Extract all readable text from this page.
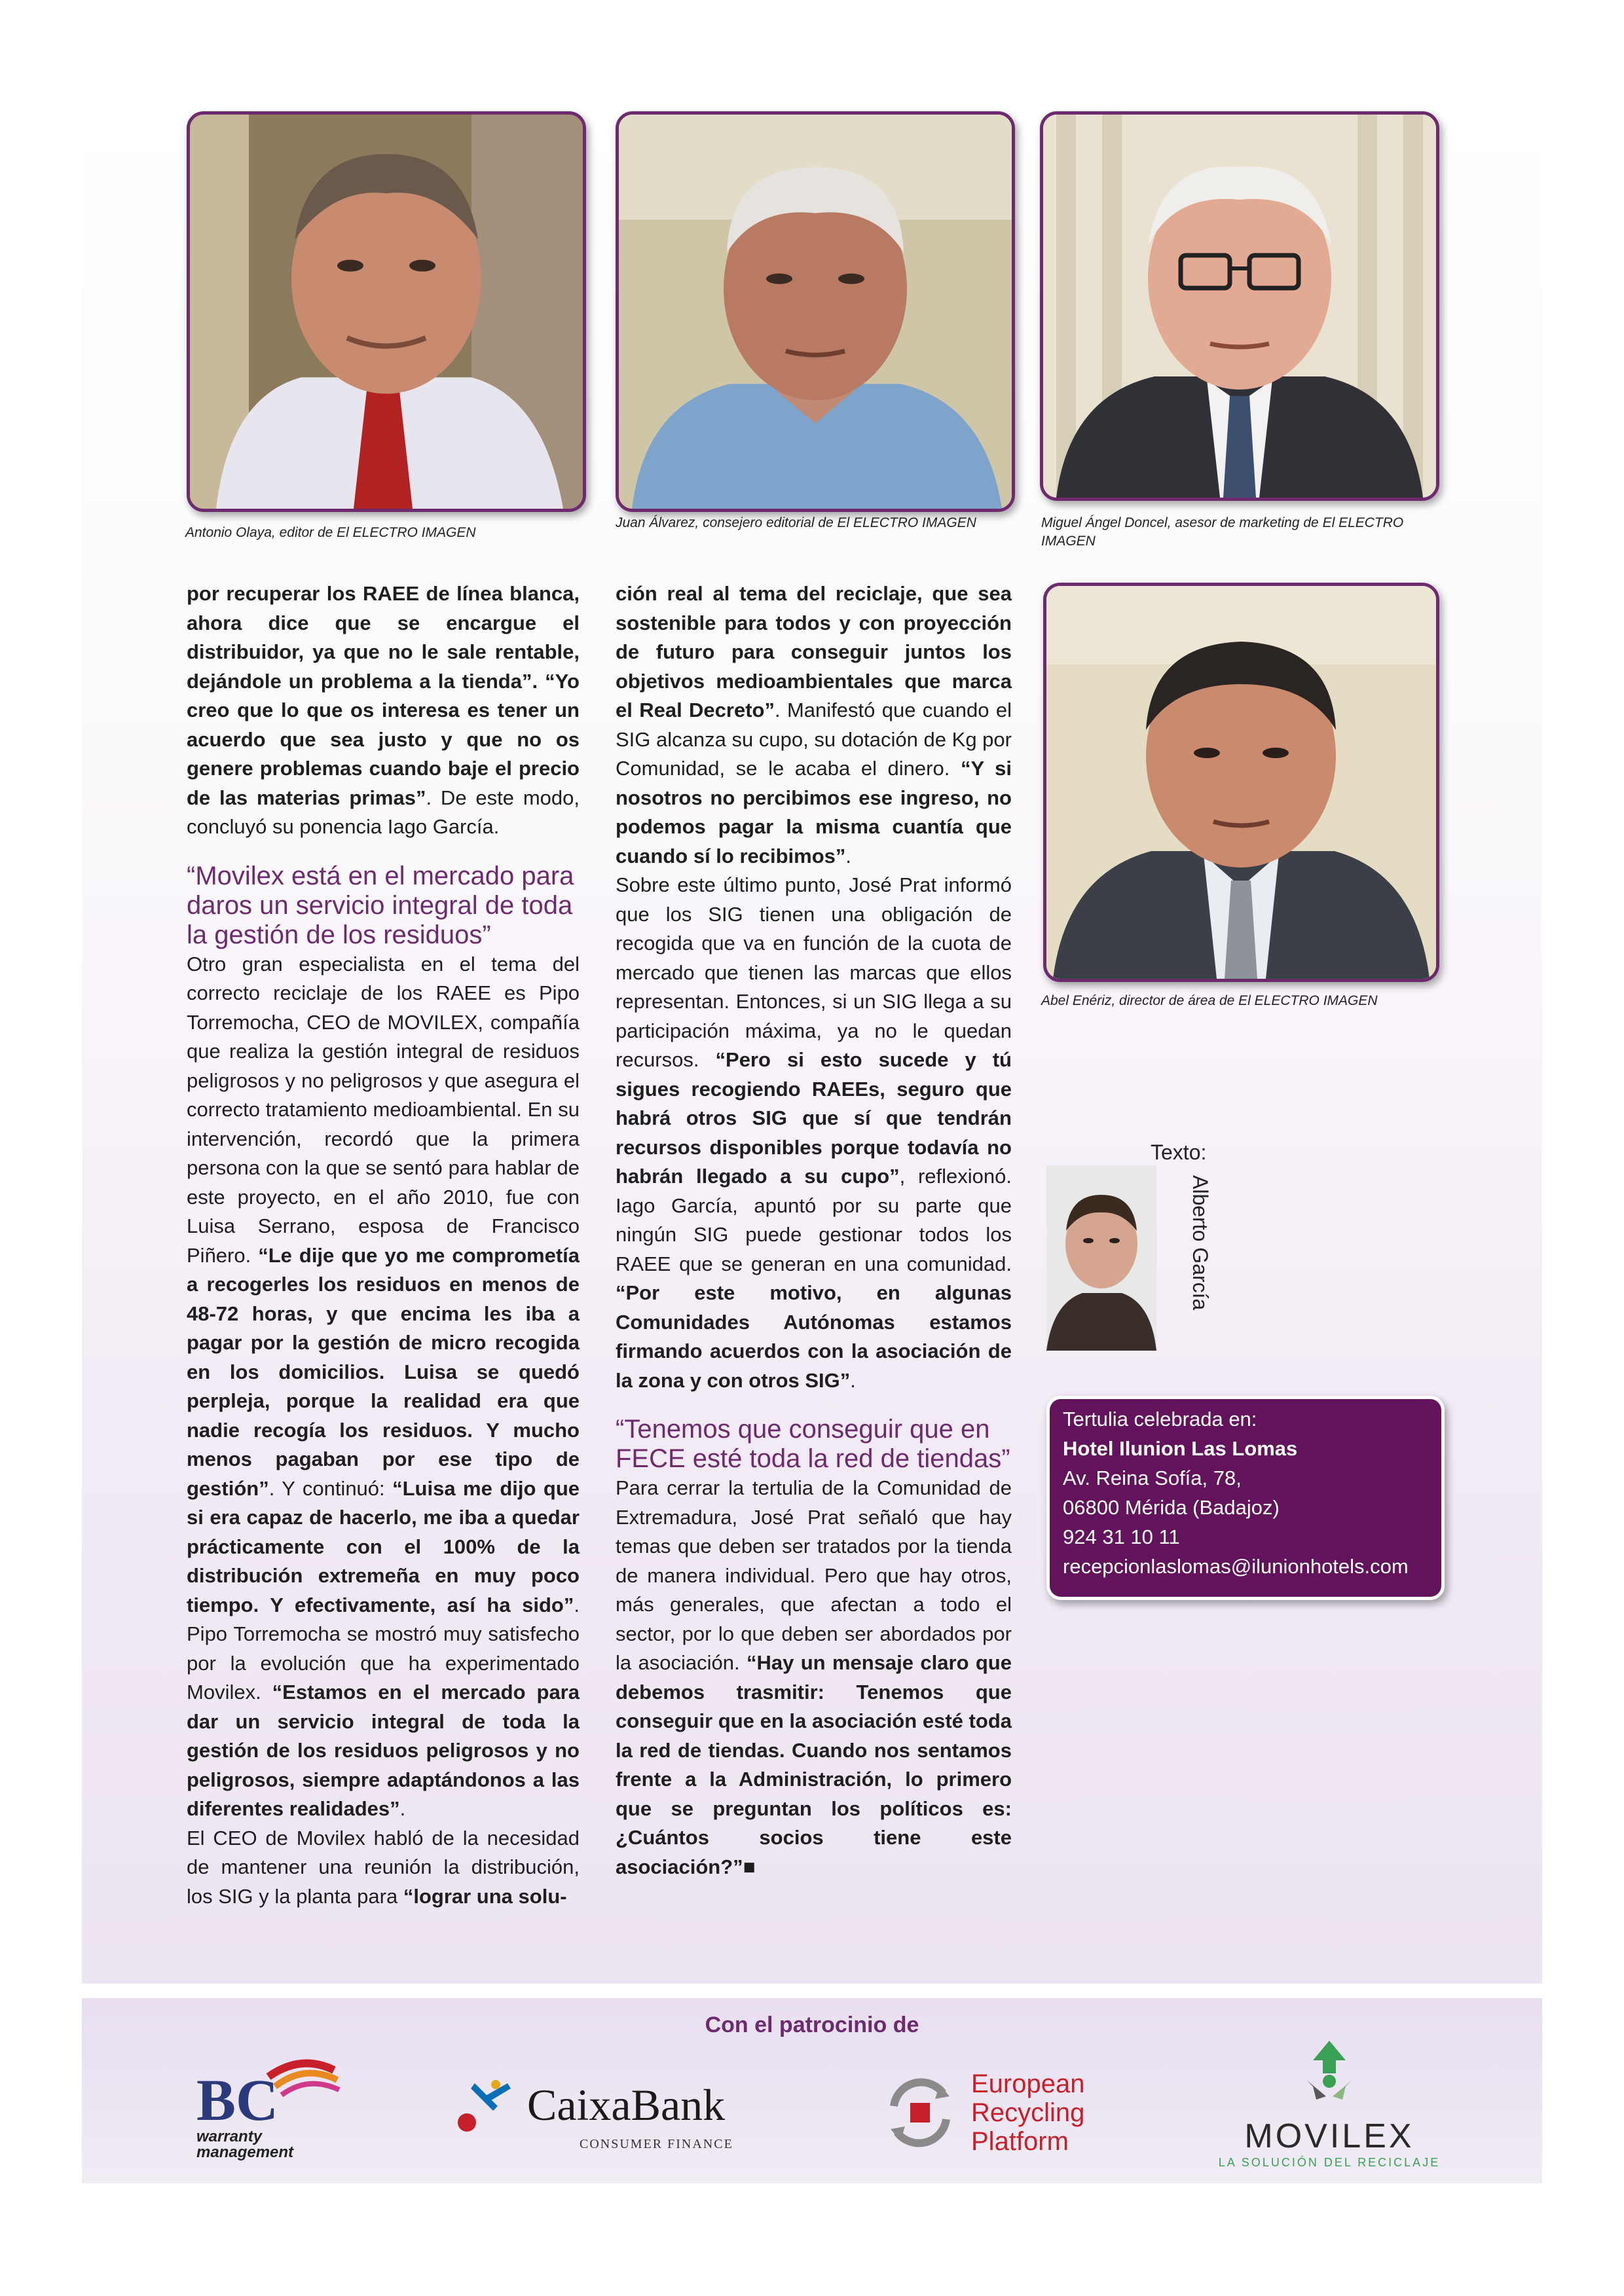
Antonio Olaya, editor de El ELECTRO IMAGEN
Juan Álvarez, consejero editorial de El ELECTRO IMAGEN	Miguel Ángel Doncel, asesor de marketing de El ELECTRO IMAGEN
Abel Enériz, director de área de El ELECTRO IMAGEN

por recuperar los RAEE de línea blanca, ahora dice que se encargue el distribuidor, ya que no le sale rentable, dejándole un problema a la tienda”. “Yo creo que lo que os interesa es tener un acuerdo que sea justo y que no os genere problemas cuando baje el precio de las materias primas”. De este modo, concluyó su ponencia Iago García.

“Movilex está en el mercado para daros un servicio integral de toda la gestión de los residuos”

Otro gran especialista en el tema del correcto reciclaje de los RAEE es Pipo Torremocha, CEO de MOVILEX, compañía que realiza la gestión integral de residuos peligrosos y no peligrosos y que asegura el correcto tratamiento medioambiental. En su intervención, recordó que la primera persona con la que se sentó para hablar de este proyecto, en el año 2010, fue con Luisa Serrano, esposa de Francisco Piñero. “Le dije que yo me comprometía a recogerles los residuos en menos de 48-72 horas, y que encima les iba a pagar por la gestión de micro recogida en los domicilios. Luisa se quedó perpleja, porque la realidad era que nadie recogía los residuos. Y mucho menos pagaban por ese tipo de gestión”. Y continuó: “Luisa me dijo que si era capaz de hacerlo, me iba a quedar prácticamente con el 100% de la distribución extremeña en muy poco tiempo. Y efectivamente, así ha sido”. Pipo Torremocha se mostró muy satisfecho por la evolución que ha experimentado Movilex. “Estamos en el mercado para dar un servicio integral de toda la gestión de los residuos peligrosos y no peligrosos, siempre adaptándonos a las diferentes realidades”.

El CEO de Movilex habló de la necesidad de mantener una reunión la distribución, los SIG y la planta para “lograr una solu-

ción real al tema del reciclaje, que sea sostenible para todos y con proyección de futuro para conseguir juntos los objetivos medioambientales que marca el Real Decreto”. Manifestó que cuando el SIG alcanza su cupo, su dotación de Kg por Comunidad, se le acaba el dinero. “Y si nosotros no percibimos ese ingreso, no podemos pagar la misma cuantía que cuando sí lo recibimos”.

Sobre este último punto, José Prat informó que los SIG tienen una obligación de recogida que va en función de la cuota de mercado que tienen las marcas que ellos representan. Entonces, si un SIG llega a su participación máxima, ya no le quedan recursos. “Pero si esto sucede y tú sigues recogiendo RAEEs, seguro que habrá otros SIG que sí que tendrán recursos disponibles porque todavía no habrán llegado a su cupo”, reflexionó. Iago García, apuntó por su parte que ningún SIG puede gestionar todos los RAEE que se generan en una comunidad. “Por este motivo, en algunas Comunidades Autónomas estamos firmando acuerdos con la asociación de la zona y con otros SIG”.

“Tenemos que conseguir que en FECE esté toda la red de tiendas”

Para cerrar la tertulia de la Comunidad de Extremadura, José Prat señaló que hay temas que deben ser tratados por la tienda de manera individual. Pero que hay otros, más generales, que afectan a todo el sector, por lo que deben ser abordados por la asociación. “Hay un mensaje claro que debemos trasmitir: Tenemos que conseguir que en la asociación esté toda la red de tiendas. Cuando nos sentamos frente a la Administración, lo primero que se preguntan los políticos es: ¿Cuántos socios tiene este asociación?”■

Texto:
Alberto García
Tertulia celebrada en:
Hotel Ilunion Las Lomas
Av. Reina Sofía, 78,
06800 Mérida (Badajoz)
924 31 10 11
recepcionlaslomas@ilunionhotels.com
Con el patrocinio de
BC
warranty
management
CaixaBank
CONSUMER FINANCE
European
Recycling
Platform	MOVILEX
LA SOLUCIÓN DEL RECICLAJE
